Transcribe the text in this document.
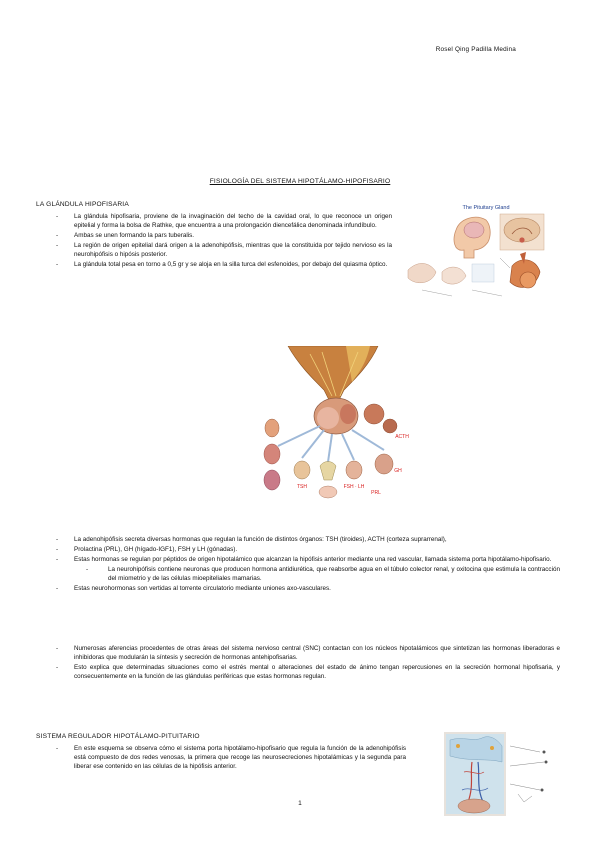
Rosel Qing Padilla Medina
FISIOLOGÍA DEL SISTEMA HIPOTÁLAMO-HIPOFISARIO
LA GLÁNDULA HIPOFISARIA
- La glándula hipofisaria, proviene de la invaginación del techo de la cavidad oral, lo que reconoce un origen epitelial y forma la bolsa de Rathke, que encuentra a una prolongación diencefálica denominada infundíbulo.
- Ambas se unen formando la pars tuberalis.
- La región de origen epitelial dará origen a la adenohipófisis, mientras que la constituida por tejido nervioso es la neurohipófisis o hipósis posterior.
- La glándula total pesa en torno a 0,5 gr y se aloja en la silla turca del esfenoides, por debajo del quiasma óptico.
The Pituitary Gland
ACTH
GH
TSH	FSH · LH
PRL
- La adenohipófisis secreta diversas hormonas que regulan la función de distintos órganos: TSH (tiroides), ACTH (corteza suprarrenal),
- Prolactina (PRL), GH (hígado-IGF1), FSH y LH (gónadas).
- Estas hormonas se regulan por péptidos de origen hipotalámico que alcanzan la hipófisis anterior mediante una red vascular, llamada sistema porta hipotálamo-hipofisario.
- La neurohipófisis contiene neuronas que producen hormona antidiurética, que reabsorbe agua en el túbulo colector renal, y oxitocina que estimula la contracción del miometrio y de las células mioepiteliales mamarias.
- Estas neurohormonas son vertidas al torrente circulatorio mediante uniones axo-vasculares.
- Numerosas aferencias procedentes de otras áreas del sistema nervioso central (SNC) contactan con los núcleos hipotalámicos que sintetizan las hormonas liberadoras e inhibidoras que modularán la síntesis y secreción de hormonas antehipofisarias.
- Esto explica que determinadas situaciones como el estrés mental o alteraciones del estado de ánimo tengan repercusiones en la secreción hormonal hipofisaria, y consecuentemente en la función de las glándulas periféricas que estas hormonas regulan.
SISTEMA REGULADOR HIPOTÁLAMO-PITUITARIO
- En este esquema se observa cómo el sistema porta hipotálamo-hipofisario que regula la función de la adenohipófisis está compuesto de dos redes venosas, la primera que recoge las neurosecreciones hipotalámicas y la segunda para liberar ese contenido en las células de la hipófisis anterior.
1
